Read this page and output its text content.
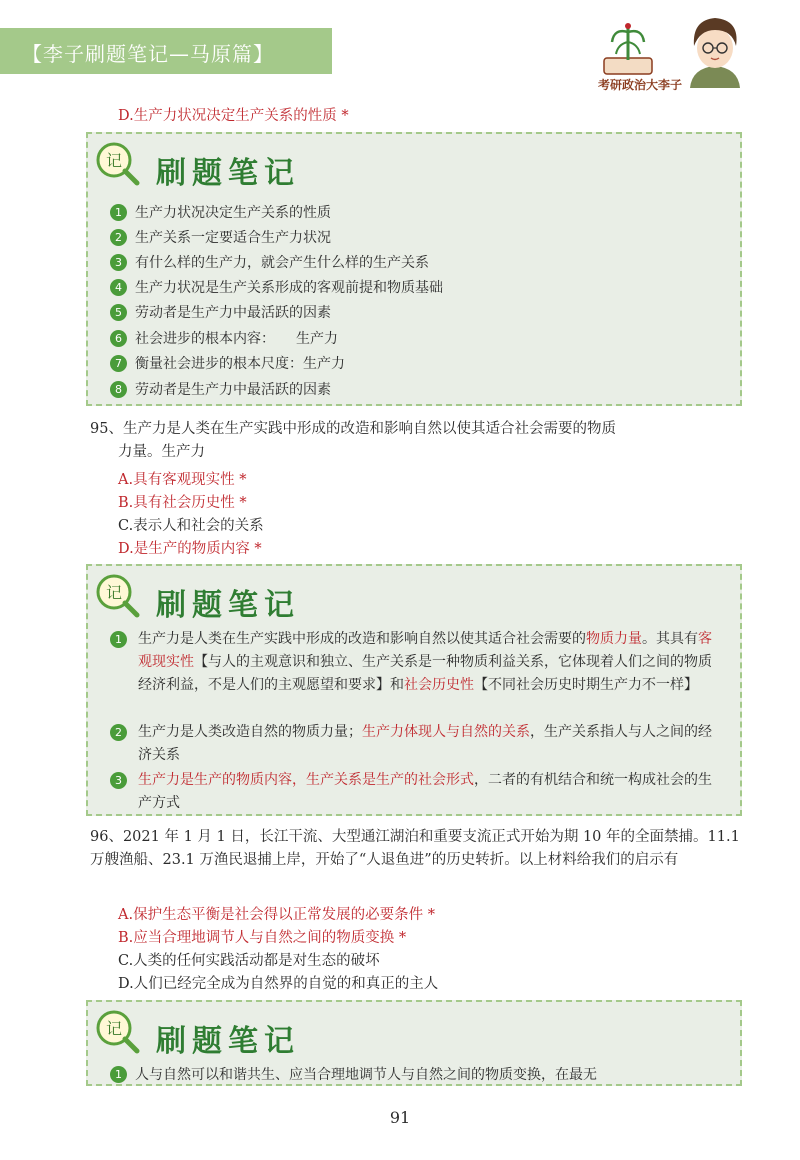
【李子刷题笔记—马原篇】
考研政治大李子
D.生产力状况决定生产关系的性质 *
记 刷题笔记
1 生产力状况决定生产关系的性质
2 生产关系一定要适合生产力状况
3 有什么样的生产力，就会产生什么样的生产关系
4 生产力状况是生产关系形成的客观前提和物质基础
5 劳动者是生产力中最活跃的因素
6 社会进步的根本内容：　　生产力
7 衡量社会进步的根本尺度：生产力
8 劳动者是生产力中最活跃的因素
95、生产力是人类在生产实践中形成的改造和影响自然以使其适合社会需要的物质
力量。生产力
A.具有客观现实性 *
B.具有社会历史性 *
C.表示人和社会的关系
D.是生产的物质内容 *
记 刷题笔记
1	生产力是人类在生产实践中形成的改造和影响自然以使其适合社会需要的物质力量。其具有客观现实性【与人的主观意识和独立、生产关系是一种物质利益关系，它体现着人们之间的物质经济利益，不是人们的主观愿望和要求】和社会历史性【不同社会历史时期生产力不一样】
2	生产力是人类改造自然的物质力量；生产力体现人与自然的关系，生产关系指人与人之间的经济关系
3	生产力是生产的物质内容，生产关系是生产的社会形式，二者的有机结合和统一构成社会的生产方式
96、2021 年 1 月 1 日，长江干流、大型通江湖泊和重要支流正式开始为期 10 年的全面禁捕。11.1 万艘渔船、23.1 万渔民退捕上岸，开始了“人退鱼进”的历史转折。以上材料给我们的启示有
A.保护生态平衡是社会得以正常发展的必要条件 *
B.应当合理地调节人与自然之间的物质变换 *
C.人类的任何实践活动都是对生态的破坏
D.人们已经完全成为自然界的自觉的和真正的主人
记 刷题笔记
1 人与自然可以和谐共生、应当合理地调节人与自然之间的物质变换，在最无
91
